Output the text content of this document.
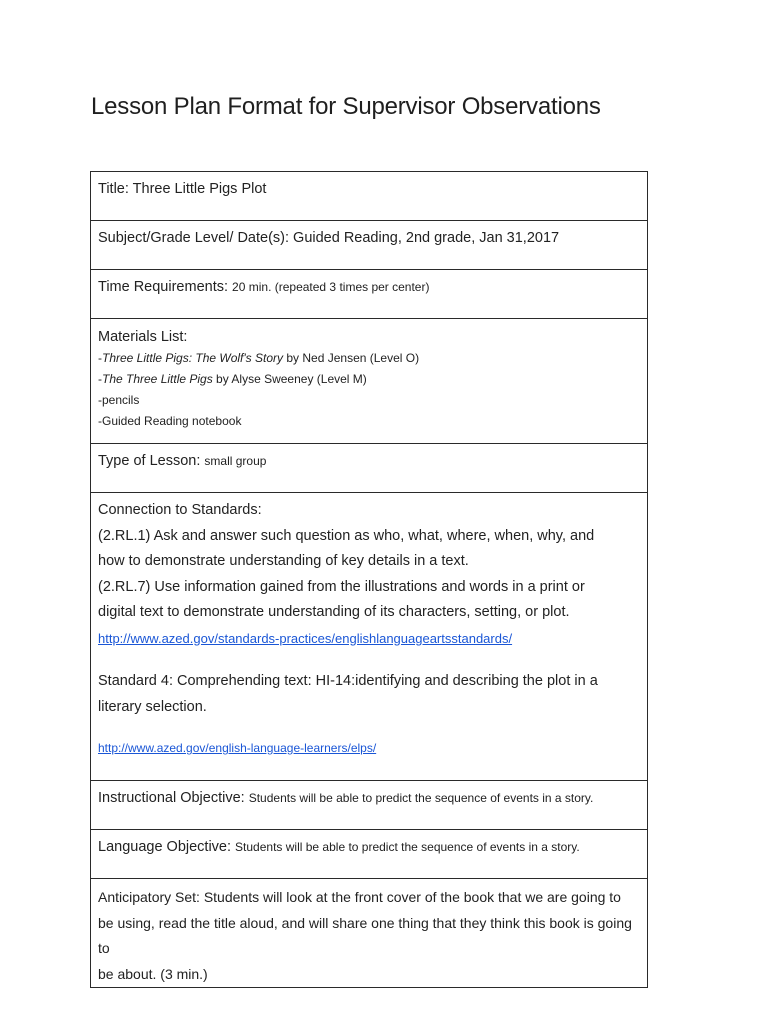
Lesson Plan Format for Supervisor Observations
Title: Three Little Pigs Plot
Subject/Grade Level/ Date(s): Guided Reading, 2nd grade, Jan 31,2017
Time Requirements: 20 min. (repeated 3 times per center)

Materials List:
-Three Little Pigs: The Wolf's Story by Ned Jensen (Level O)
-The Three Little Pigs by Alyse Sweeney (Level M)
-pencils
-Guided Reading notebook

Type of Lesson: small group

Connection to Standards:
(2.RL.1) Ask and answer such question as who, what, where, when, why, and
how to demonstrate understanding of key details in a text.
(2.RL.7) Use information gained from the illustrations and words in a print or
digital text to demonstrate understanding of its characters, setting, or plot.
http://www.azed.gov/standards-practices/englishlanguageartsstandards/
Standard 4: Comprehending text: HI-14:identifying and describing the plot in a
literary selection.
http://www.azed.gov/english-language-learners/elps/

Instructional Objective: Students will be able to predict the sequence of events in a story.
Language Objective: Students will be able to predict the sequence of events in a story.

Anticipatory Set: Students will look at the front cover of the book that we are going to
be using, read the title aloud, and will share one thing that they think this book is going to
be about. (3 min.)
